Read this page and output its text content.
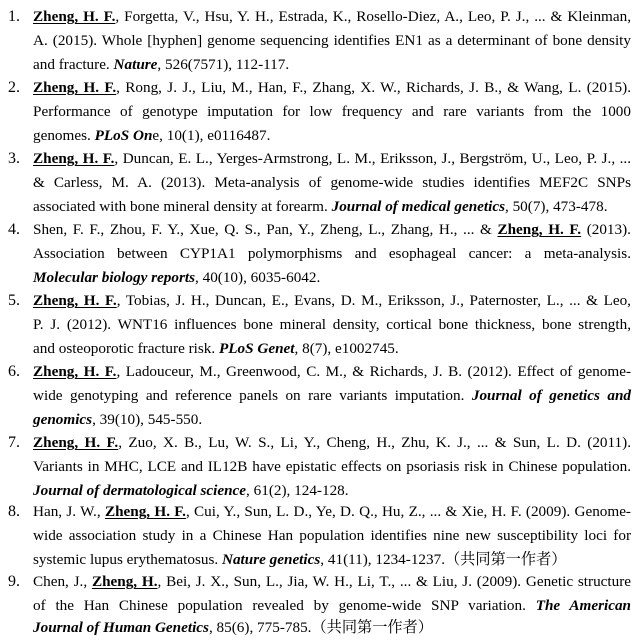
1. Zheng, H. F., Forgetta, V., Hsu, Y. H., Estrada, K., Rosello‐Diez, A., Leo, P. J., ... & Kleinman,
A. (2015). Whole [hyphen] genome sequencing identifies EN1 as a determinant of bone density
and fracture. Nature, 526(7571), 112-117.
2. Zheng, H. F., Rong, J. J., Liu, M., Han, F., Zhang, X. W., Richards, J. B., & Wang, L. (2015).
Performance of genotype imputation for low frequency and rare variants from the 1000
genomes. PLoS One, 10(1), e0116487.
3. Zheng, H. F., Duncan, E. L., Yerges-Armstrong, L. M., Eriksson, J., Bergström, U., Leo, P. J., ...
& Carless, M. A. (2013). Meta-analysis of genome-wide studies identifies MEF2C SNPs
associated with bone mineral density at forearm. Journal of medical genetics, 50(7), 473-478.
4. Shen, F. F., Zhou, F. Y., Xue, Q. S., Pan, Y., Zheng, L., Zhang, H., ... & Zheng, H. F. (2013).
Association between CYP1A1 polymorphisms and esophageal cancer: a meta-analysis.
Molecular biology reports, 40(10), 6035-6042.
5. Zheng, H. F., Tobias, J. H., Duncan, E., Evans, D. M., Eriksson, J., Paternoster, L., ... & Leo,
P. J. (2012). WNT16 influences bone mineral density, cortical bone thickness, bone strength,
and osteoporotic fracture risk. PLoS Genet, 8(7), e1002745.
6. Zheng, H. F., Ladouceur, M., Greenwood, C. M., & Richards, J. B. (2012). Effect of genome-
wide genotyping and reference panels on rare variants imputation. Journal of genetics and
genomics, 39(10), 545-550.
7. Zheng, H. F., Zuo, X. B., Lu, W. S., Li, Y., Cheng, H., Zhu, K. J., ... & Sun, L. D. (2011).
Variants in MHC, LCE and IL12B have epistatic effects on psoriasis risk in Chinese population.
Journal of dermatological science, 61(2), 124-128.
8. Han, J. W., Zheng, H. F., Cui, Y., Sun, L. D., Ye, D. Q., Hu, Z., ... & Xie, H. F. (2009). Genome-
wide association study in a Chinese Han population identifies nine new susceptibility loci for
systemic lupus erythematosus. Nature genetics, 41(11), 1234-1237.（共同第一作者）
9. Chen, J., Zheng, H., Bei, J. X., Sun, L., Jia, W. H., Li, T., ... & Liu, J. (2009). Genetic structure
of the Han Chinese population revealed by genome-wide SNP variation. The American
Journal of Human Genetics, 85(6), 775-785.（共同第一作者）
